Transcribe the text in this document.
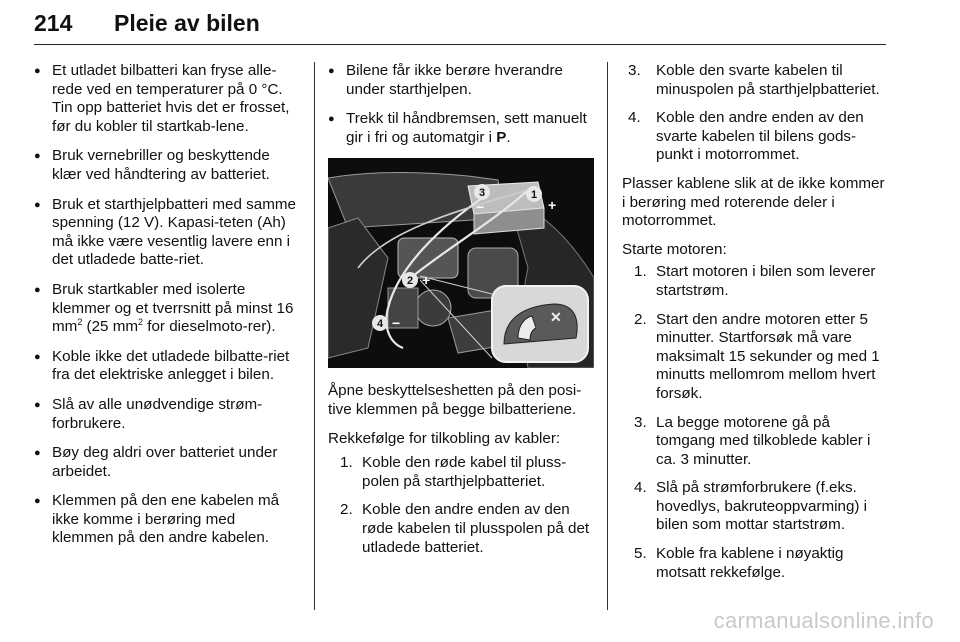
214 Pleie av bilen
● Et utladet bilbatteri kan fryse alle-rede ved en temperaturer på 0 °C. Tin opp batteriet hvis det er frosset, før du kobler til startkab-lene.
● Bruk vernebriller og beskyttende klær ved håndtering av batteriet.
● Bruk et starthjelpbatteri med samme spenning (12 V). Kapasi-teten (Ah) må ikke være vesentlig lavere enn i det utladede batte-riet.
● Bruk startkabler med isolerte klemmer og et tverrsnitt på minst 16 $mm^2$ (25 $mm^2$ for dieselmoto-rer).
● Koble ikke det utladede bilbatte-riet fra det elektriske anlegget i bilen.
● Slå av alle unødvendige strøm-forbrukere.
● Bøy deg aldri over batteriet under arbeidet.
● Klemmen på den ene kabelen må ikke komme i berøring med klemmen på den andre kabelen.
● Bilene får ikke berøre hverandre under starthjelpen.
● Trekk til håndbremsen, sett manuelt gir i fri og automatgir i P.
1
2
3
4
+
+
−
−	✕

Åpne beskyttelseshetten på den posi-tive klemmen på begge bilbatteriene.

Rekkefølge for tilkobling av kabler:

1. Koble den røde kabel til pluss-polen på starthjelpbatteriet.
2. Koble den andre enden av den røde kabelen til plusspolen på det utladede batteriet.
3. Koble den svarte kabelen til minuspolen på starthjelpbatteriet.
4. Koble den andre enden av den svarte kabelen til bilens gods-punkt i motorrommet.

Plasser kablene slik at de ikke kommer i berøring med roterende deler i motorrommet.

Starte motoren:

1. Start motoren i bilen som leverer startstrøm.
2. Start den andre motoren etter 5 minutter. Startforsøk må vare maksimalt 15 sekunder og med 1 minutts mellomrom mellom hvert forsøk.
3. La begge motorene gå på tomgang med tilkoblede kabler i ca. 3 minutter.
4. Slå på strømforbrukere (f.eks. hovedlys, bakruteoppvarming) i bilen som mottar startstrøm.
5. Koble fra kablene i nøyaktig motsatt rekkefølge.
carmanualsonline.info
